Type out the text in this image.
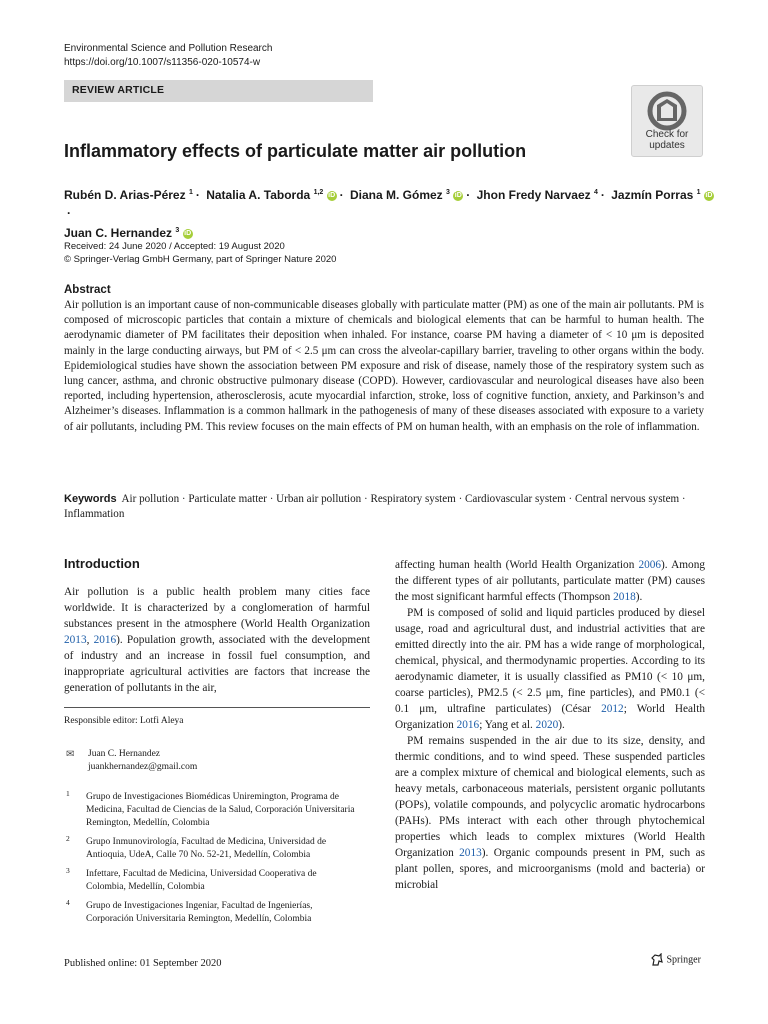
Environmental Science and Pollution Research
https://doi.org/10.1007/s11356-020-10574-w
REVIEW ARTICLE
Check for
updates
Inflammatory effects of particulate matter air pollution
Rubén D. Arias-Pérez $^1$ · Natalia A. Taborda $^{1,2}$ iD · Diana M. Gómez $^3$ iD · Jhon Fredy Narvaez $^4$ · Jazmín Porras $^1$ iD·
Juan C. Hernandez $^3$ iD
Received: 24 June 2020 / Accepted: 19 August 2020
© Springer-Verlag GmbH Germany, part of Springer Nature 2020
Abstract
Air pollution is an important cause of non-communicable diseases globally with particulate matter (PM) as one of the main air pollutants. PM is composed of microscopic particles that contain a mixture of chemicals and biological elements that can be harmful to human health. The aerodynamic diameter of PM facilitates their deposition when inhaled. For instance, coarse PM having a diameter of < 10 μm is deposited mainly in the large conducting airways, but PM of < 2.5 μm can cross the alveolar-capillary barrier, traveling to other organs within the body. Epidemiological studies have shown the association between PM exposure and risk of disease, namely those of the respiratory system such as lung cancer, asthma, and chronic obstructive pulmonary disease (COPD). However, cardiovascular and neurological diseases have also been reported, including hypertension, atherosclerosis, acute myocardial infarction, stroke, loss of cognitive function, anxiety, and Parkinson’s and Alzheimer’s diseases. Inflammation is a common hallmark in the pathogenesis of many of these diseases associated with exposure to a variety of air pollutants, including PM. This review focuses on the main effects of PM on human health, with an emphasis on the role of inflammation.
Keywords Air pollution · Particulate matter · Urban air pollution · Respiratory system · Cardiovascular system · Central nervous system · Inflammation
Introduction

Air pollution is a public health problem many cities face worldwide. It is characterized by a conglomeration of harmful substances present in the atmosphere (World Health Organization 2013, 2016). Population growth, associated with the development of industry and an increase in fossil fuel consumption, and inappropriate agricultural activities are factors that increase the generation of pollutants in the air,

Responsible editor: Lotfi Aleya
✉ Juan C. Hernandez
juankhernandez@gmail.com
1 Grupo de Investigaciones Biomédicas Uniremington, Programa de Medicina, Facultad de Ciencias de la Salud, Corporación Universitaria Remington, Medellín, Colombia
2 Grupo Inmunovirología, Facultad de Medicina, Universidad de Antioquia, UdeA, Calle 70 No. 52-21, Medellín, Colombia
3 Infettare, Facultad de Medicina, Universidad Cooperativa de Colombia, Medellín, Colombia
4 Grupo de Investigaciones Ingeniar, Facultad de Ingenierías, Corporación Universitaria Remington, Medellín, Colombia

affecting human health (World Health Organization 2006). Among the different types of air pollutants, particulate matter (PM) causes the most significant harmful effects (Thompson 2018).

PM is composed of solid and liquid particles produced by diesel usage, road and agricultural dust, and industrial activities that are emitted directly into the air. PM has a wide range of morphological, chemical, physical, and thermodynamic properties. According to its aerodynamic diameter, it is usually classified as PM10 (< 10 μm, coarse particles), PM2.5 (< 2.5 μm, fine particles), and PM0.1 (< 0.1 μm, ultrafine particulates) (César 2012; World Health Organization 2016; Yang et al. 2020).

PM remains suspended in the air due to its size, density, and thermic conditions, and to wind speed. These suspended particles are a complex mixture of chemical and biological elements, such as heavy metals, carbonaceous materials, persistent organic pollutants (POPs), volatile compounds, and polycyclic aromatic hydrocarbons (PAHs). PMs interact with each other through phytochemical properties which leads to complex mixtures (World Health Organization 2013). Organic compounds present in PM, such as plant pollen, spores, and microorganisms (mold and bacteria) or microbial

Published online: 01 September 2020	Springer
